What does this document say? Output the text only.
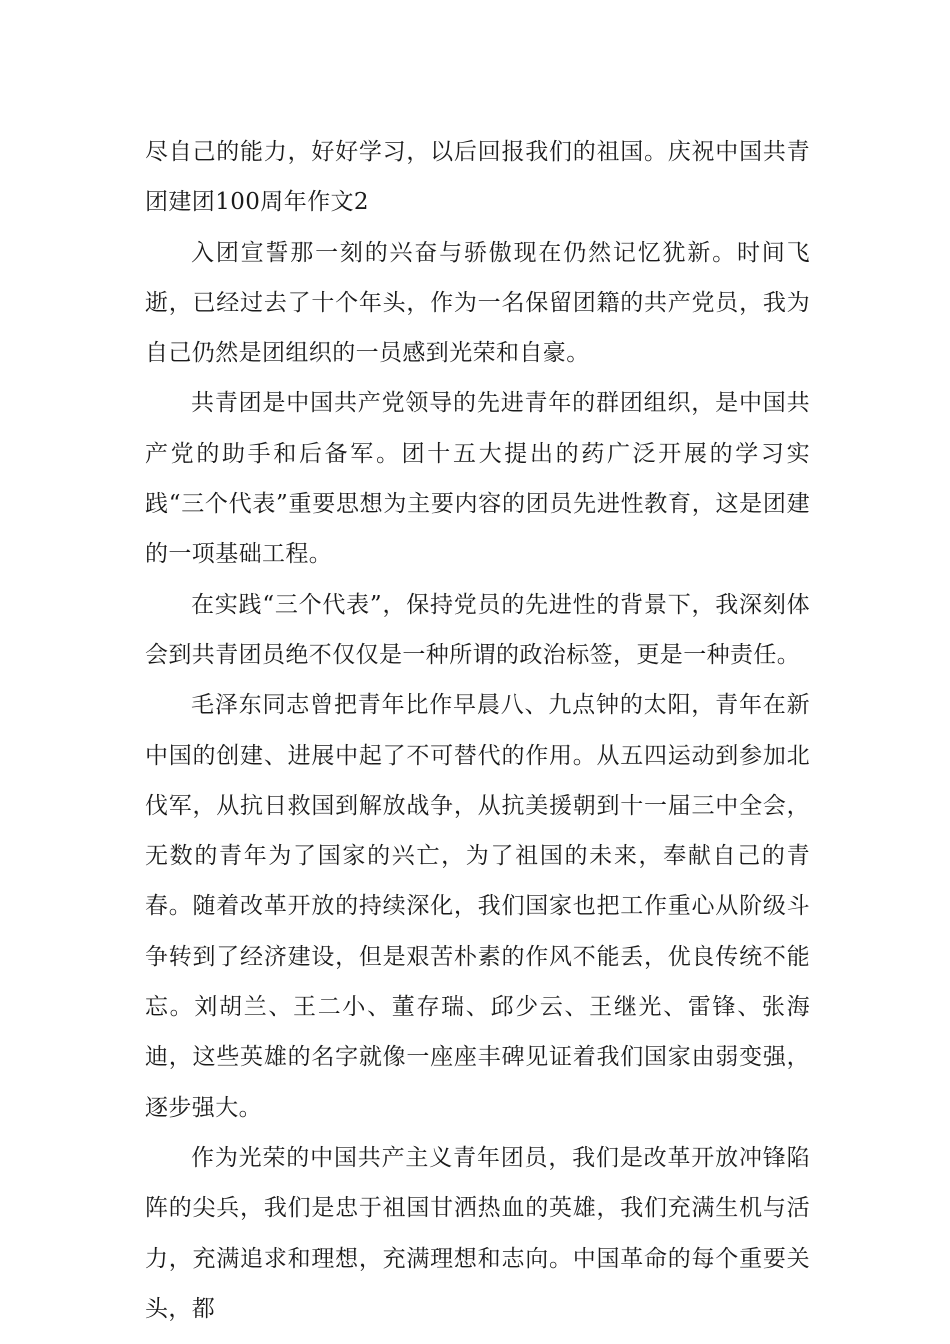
尽自己的能力，好好学习，以后回报我们的祖国。庆祝中国共青团建团100周年作文2

入团宣誓那一刻的兴奋与骄傲现在仍然记忆犹新。时间飞逝，已经过去了十个年头，作为一名保留团籍的共产党员，我为自己仍然是团组织的一员感到光荣和自豪。

共青团是中国共产党领导的先进青年的群团组织，是中国共产党的助手和后备军。团十五大提出的药广泛开展的学习实践“三个代表”重要思想为主要内容的团员先进性教育，这是团建的一项基础工程。

在实践“三个代表”，保持党员的先进性的背景下，我深刻体会到共青团员绝不仅仅是一种所谓的政治标签，更是一种责任。

毛泽东同志曾把青年比作早晨八、九点钟的太阳，青年在新中国的创建、进展中起了不可替代的作用。从五四运动到参加北伐军，从抗日救国到解放战争，从抗美援朝到十一届三中全会，无数的青年为了国家的兴亡，为了祖国的未来，奉献自己的青春。随着改革开放的持续深化，我们国家也把工作重心从阶级斗争转到了经济建设，但是艰苦朴素的作风不能丢，优良传统不能忘。刘胡兰、王二小、董存瑞、邱少云、王继光、雷锋、张海迪，这些英雄的名字就像一座座丰碑见证着我们国家由弱变强，逐步强大。

作为光荣的中国共产主义青年团员，我们是改革开放冲锋陷阵的尖兵，我们是忠于祖国甘洒热血的英雄，我们充满生机与活力，充满追求和理想，充满理想和志向。中国革命的每个重要关头，都
